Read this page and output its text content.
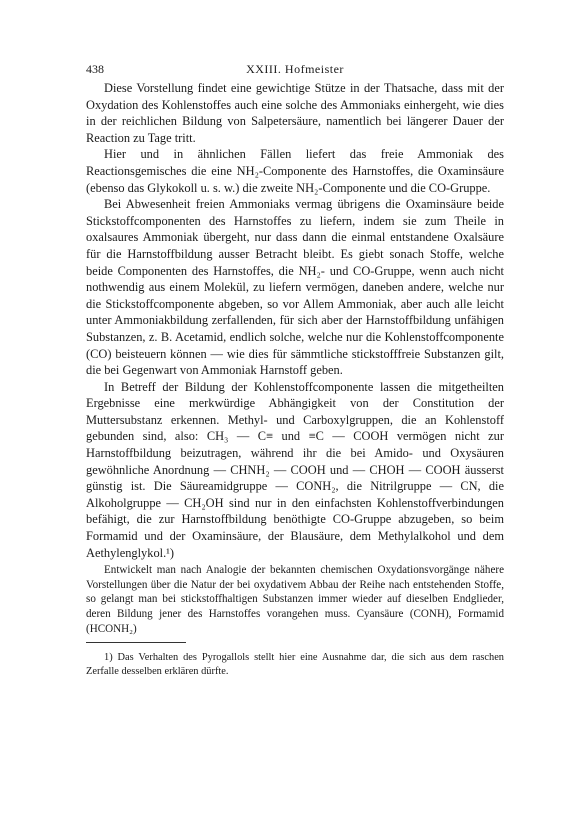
438	XXIII. Hofmeister

Diese Vorstellung findet eine gewichtige Stütze in der Thatsache, dass mit der Oxydation des Kohlenstoffes auch eine solche des Ammoniaks einhergeht, wie dies in der reichlichen Bildung von Salpetersäure, namentlich bei längerer Dauer der Reaction zu Tage tritt.

Hier und in ähnlichen Fällen liefert das freie Ammoniak des Reactionsgemisches die eine NH₂-Componente des Harnstoffes, die Oxaminsäure (ebenso das Glykokoll u. s. w.) die zweite NH₂-Componente und die CO-Gruppe.

Bei Abwesenheit freien Ammoniaks vermag übrigens die Oxaminsäure beide Stickstoffcomponenten des Harnstoffes zu liefern, indem sie zum Theile in oxalsaures Ammoniak übergeht, nur dass dann die einmal entstandene Oxalsäure für die Harnstoffbildung ausser Betracht bleibt. Es giebt sonach Stoffe, welche beide Componenten des Harnstoffes, die NH₂- und CO-Gruppe, wenn auch nicht nothwendig aus einem Molekül, zu liefern vermögen, daneben andere, welche nur die Stickstoffcomponente abgeben, so vor Allem Ammoniak, aber auch alle leicht unter Ammoniakbildung zerfallenden, für sich aber der Harnstoffbildung unfähigen Substanzen, z. B. Acetamid, endlich solche, welche nur die Kohlenstoffcomponente (CO) beisteuern können — wie dies für sämmtliche stickstofffreie Substanzen gilt, die bei Gegenwart von Ammoniak Harnstoff geben.

In Betreff der Bildung der Kohlenstoffcomponente lassen die mitgetheilten Ergebnisse eine merkwürdige Abhängigkeit von der Constitution der Muttersubstanz erkennen. Methyl- und Carboxylgruppen, die an Kohlenstoff gebunden sind, also: CH₃ — C≡ und ≡C — COOH vermögen nicht zur Harnstoffbildung beizutragen, während ihr die bei Amido- und Oxysäuren gewöhnliche Anordnung — CHNH₂ — COOH und — CHOH — COOH äusserst günstig ist. Die Säureamidgruppe — CONH₂, die Nitrilgruppe — CN, die Alkoholgruppe — CH₂OH sind nur in den einfachsten Kohlenstoffverbindungen befähigt, die zur Harnstoffbildung benöthigte CO-Gruppe abzugeben, so beim Formamid und der Oxaminsäure, der Blausäure, dem Methylalkohol und dem Aethylenglykol.¹)

Entwickelt man nach Analogie der bekannten chemischen Oxydationsvorgänge nähere Vorstellungen über die Natur der bei oxydativem Abbau der Reihe nach entstehenden Stoffe, so gelangt man bei stickstoffhaltigen Substanzen immer wieder auf dieselben Endglieder, deren Bildung jener des Harnstoffes vorangehen muss. Cyansäure (CONH), Formamid (HCONH₂)

1) Das Verhalten des Pyrogallols stellt hier eine Ausnahme dar, die sich aus dem raschen Zerfalle desselben erklären dürfte.
